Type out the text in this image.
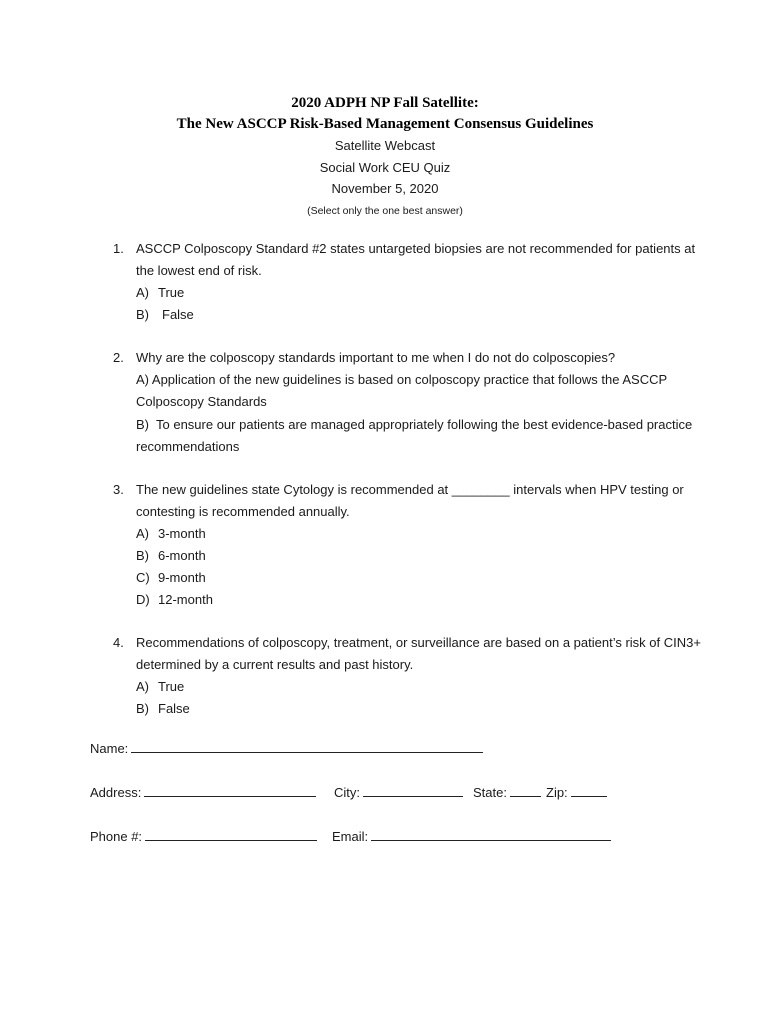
2020 ADPH NP Fall Satellite:
The New ASCCP Risk-Based Management Consensus Guidelines
Satellite Webcast
Social Work CEU Quiz
November 5, 2020
(Select only the one best answer)
1. ASCCP Colposcopy Standard #2 states untargeted biopsies are not recommended for patients at the lowest end of risk.
A) True
B) False
2. Why are the colposcopy standards important to me when I do not do colposcopies?
A) Application of the new guidelines is based on colposcopy practice that follows the ASCCP Colposcopy Standards
B) To ensure our patients are managed appropriately following the best evidence-based practice recommendations
3. The new guidelines state Cytology is recommended at ________ intervals when HPV testing or contesting is recommended annually.
A) 3-month
B) 6-month
C) 9-month
D) 12-month
4. Recommendations of colposcopy, treatment, or surveillance are based on a patient’s risk of CIN3+ determined by a current results and past history.
A) True
B) False
Name:
Address:	City:	State:	Zip:
Phone #:	Email:
